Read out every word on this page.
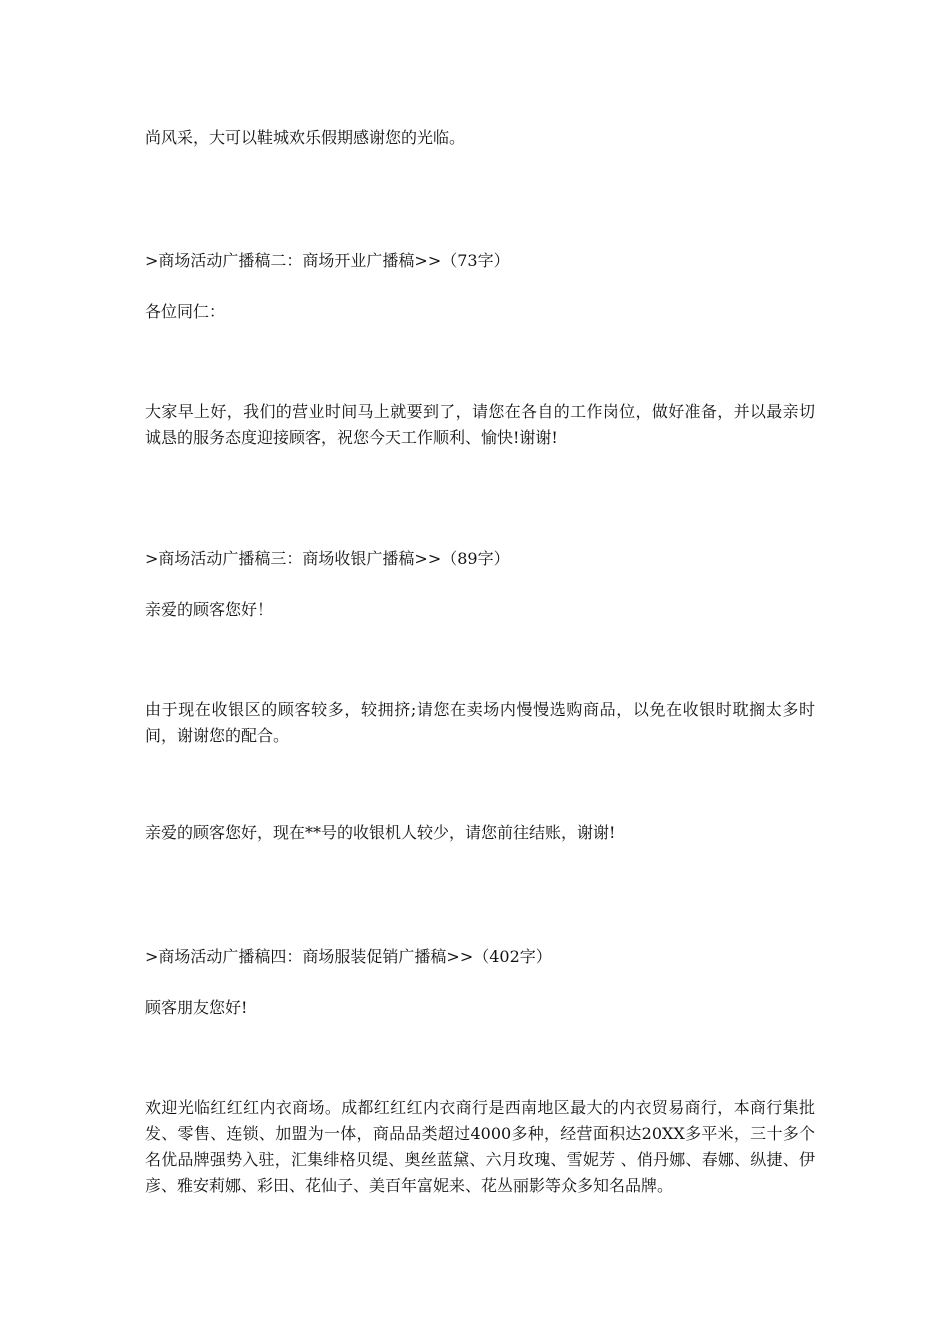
尚风采，大可以鞋城欢乐假期感谢您的光临。
>商场活动广播稿二：商场开业广播稿>>（73字）
各位同仁：
大家早上好，我们的营业时间马上就要到了，请您在各自的工作岗位，做好准备，并以最亲切诚恳的服务态度迎接顾客，祝您今天工作顺利、愉快!谢谢!
>商场活动广播稿三：商场收银广播稿>>（89字）
亲爱的顾客您好！
由于现在收银区的顾客较多，较拥挤;请您在卖场内慢慢选购商品，以免在收银时耽搁太多时间，谢谢您的配合。
亲爱的顾客您好，现在**号的收银机人较少，请您前往结账，谢谢!
>商场活动广播稿四：商场服装促销广播稿>>（402字）
顾客朋友您好!
欢迎光临红红红内衣商场。成都红红红内衣商行是西南地区最大的内衣贸易商行，本商行集批发、零售、连锁、加盟为一体，商品品类超过4000多种，经营面积达20XX多平米，三十多个名优品牌强势入驻，汇集绯格贝缇、奥丝蓝黛、六月玫瑰、雪妮芳 、俏丹娜、春娜、纵捷、伊彦、雅安莉娜、彩田、花仙子、美百年富妮来、花丛丽影等众多知名品牌。
